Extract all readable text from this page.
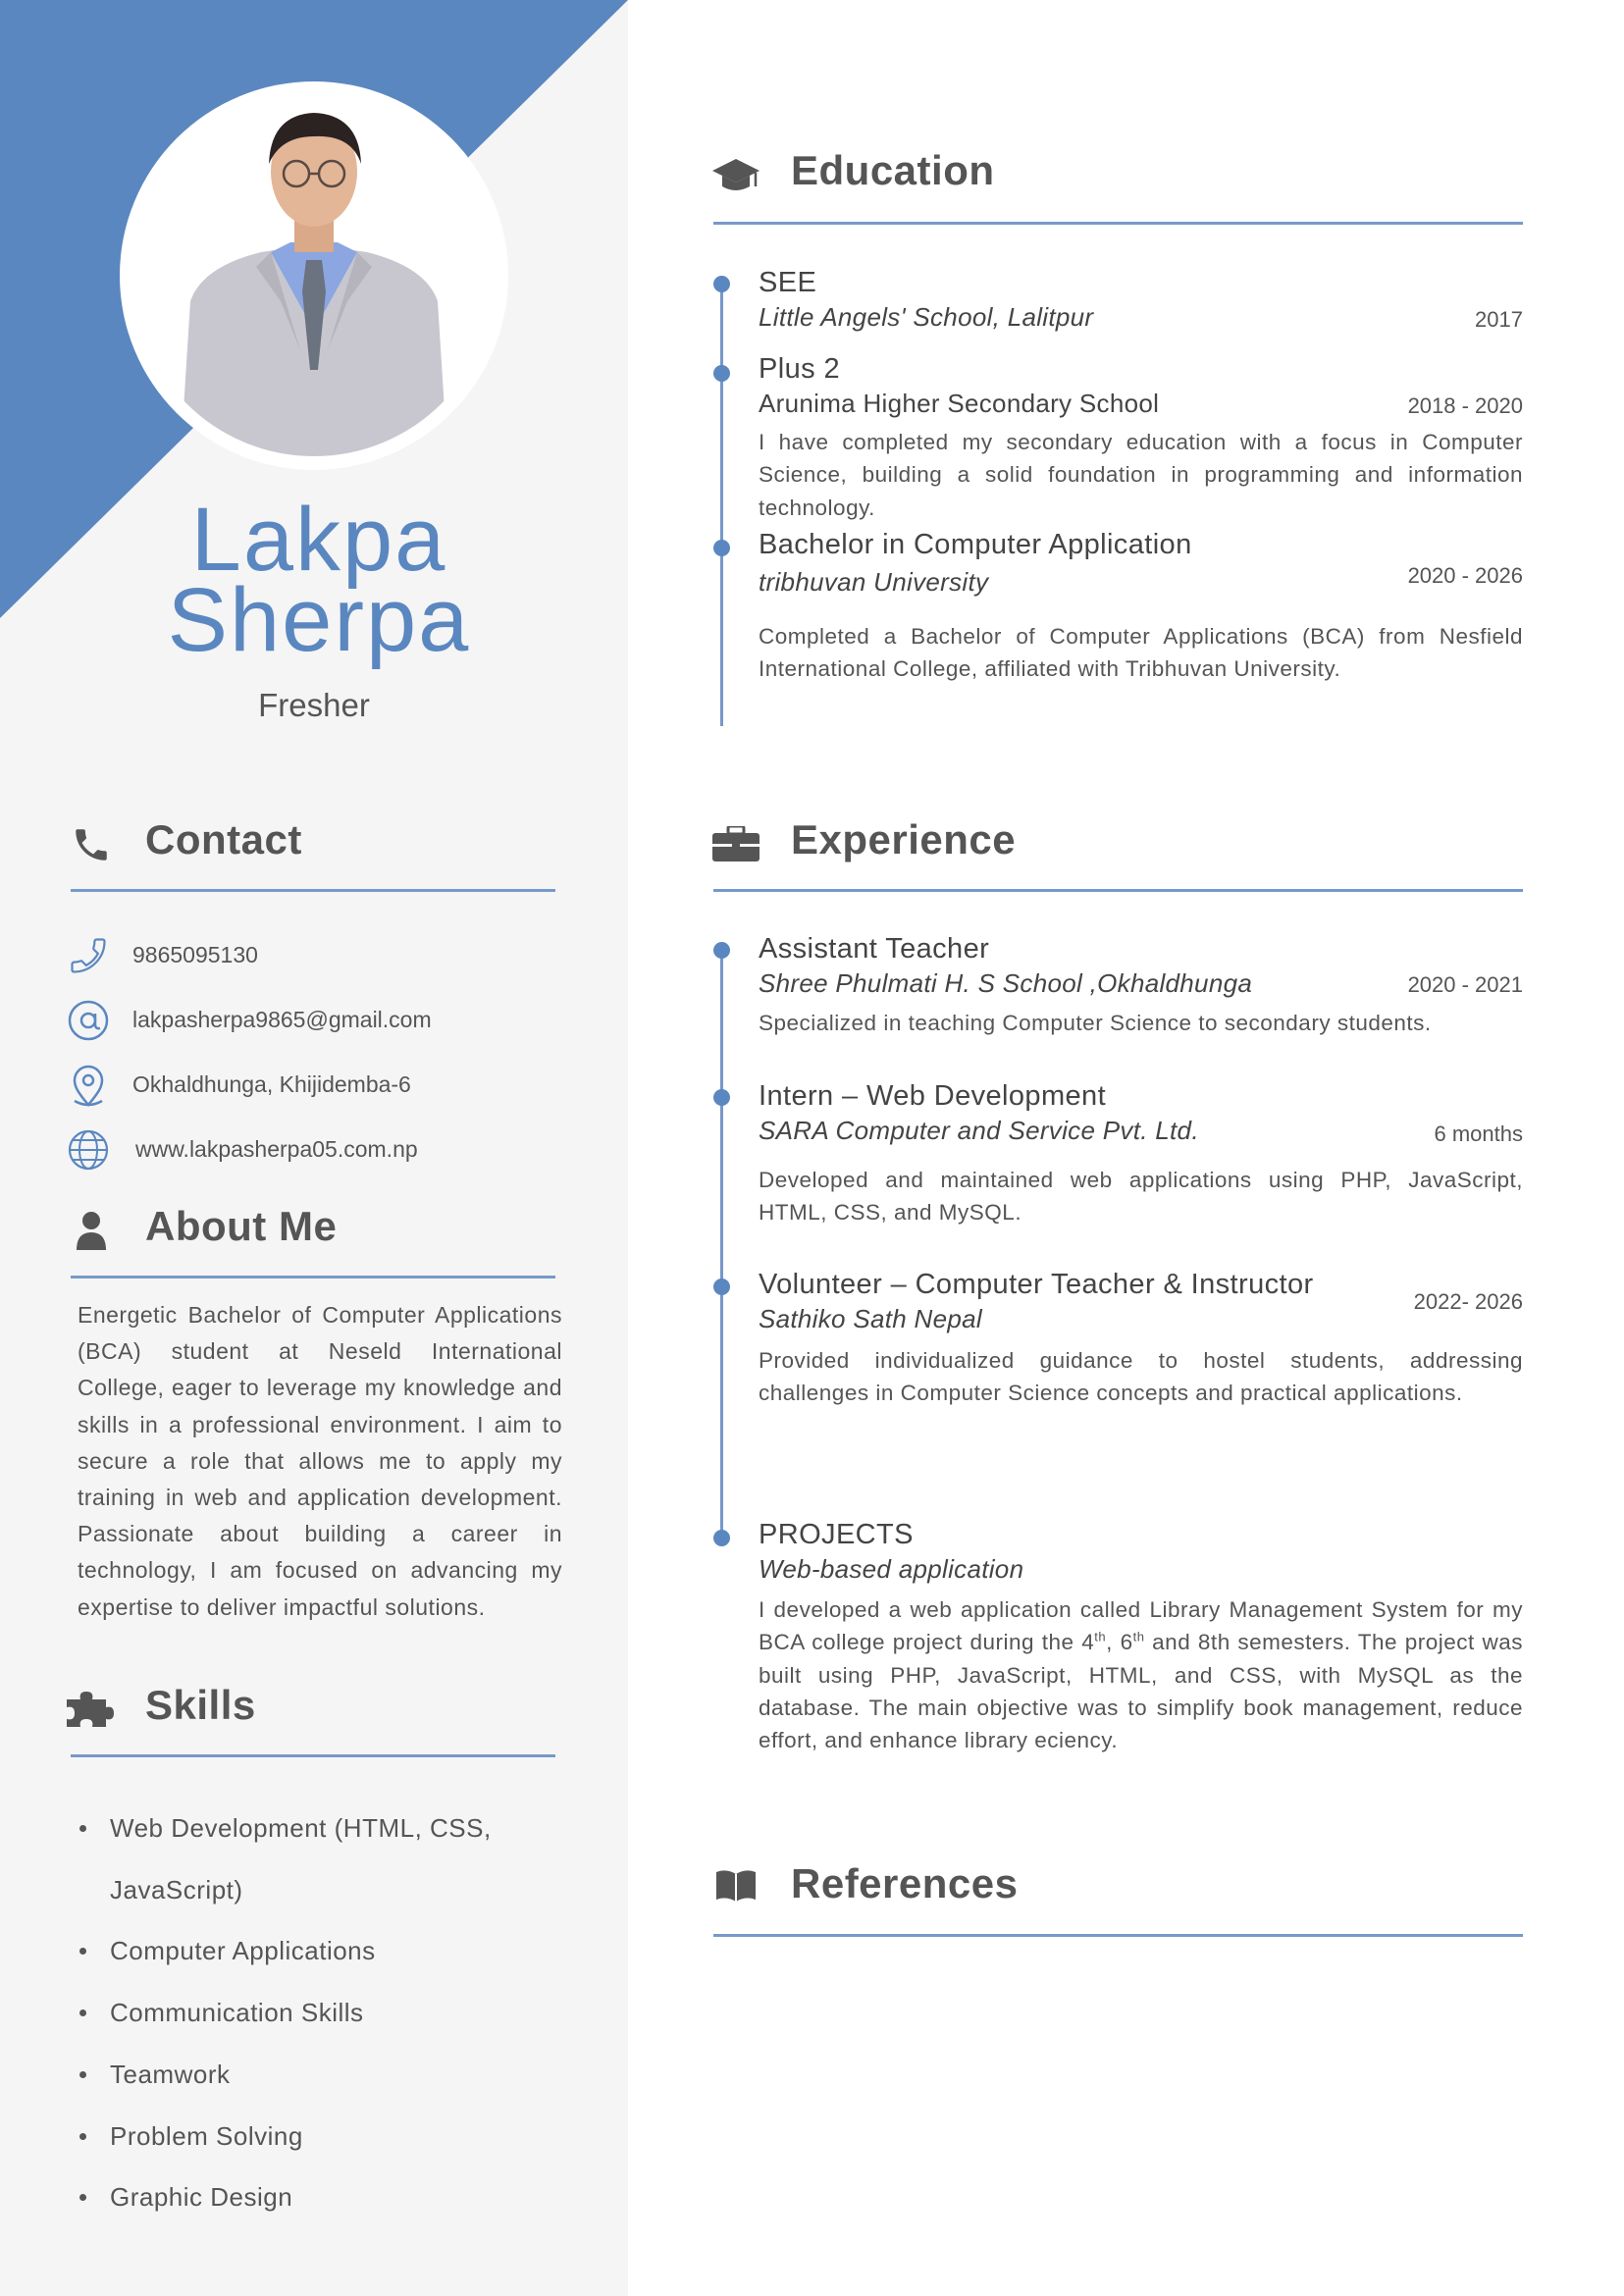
Lakpa
Sherpa
Fresher
Contact
9865095130
lakpasherpa9865@gmail.com
Okhaldhunga, Khijidemba-6
www.lakpasherpa05.com.np
About Me
Energetic Bachelor of Computer Applications (BCA) student at Neseld International College, eager to leverage my knowledge and skills in a professional environment. I aim to secure a role that allows me to apply my training in web and application development. Passionate about building a career in technology, I am focused on advancing my expertise to deliver impactful solutions.
Skills
Web Development (HTML, CSS, JavaScript)
Computer Applications
Communication Skills
Teamwork
Problem Solving
Graphic Design
Education
SEE
Little Angels' School, Lalitpur	2017
Plus 2
Arunima Higher Secondary School	2018 - 2020
I have completed my secondary education with a focus in Computer Science, building a solid foundation in programming and information technology.
Bachelor in Computer Application
tribhuvan University	2020 - 2026
Completed a Bachelor of Computer Applications (BCA) from Nesfield International College, affiliated with Tribhuvan University.
Experience
Assistant Teacher
Shree Phulmati H. S School ,Okhaldhunga	2020 - 2021
Specialized in teaching Computer Science to secondary students.
Intern – Web Development
SARA Computer and Service Pvt. Ltd.	6 months
Developed and maintained web applications using PHP, JavaScript, HTML, CSS, and MySQL.
Volunteer – Computer Teacher & Instructor
Sathiko Sath Nepal
2022- 2026
Provided individualized guidance to hostel students, addressing challenges in Computer Science concepts and practical applications.
PROJECTS
Web-based application
I developed a web application called Library Management System for my BCA college project during the 4th, 6th and 8th semesters. The project was built using PHP, JavaScript, HTML, and CSS, with MySQL as the database. The main objective was to simplify book management, reduce effort, and enhance library eciency.
References
